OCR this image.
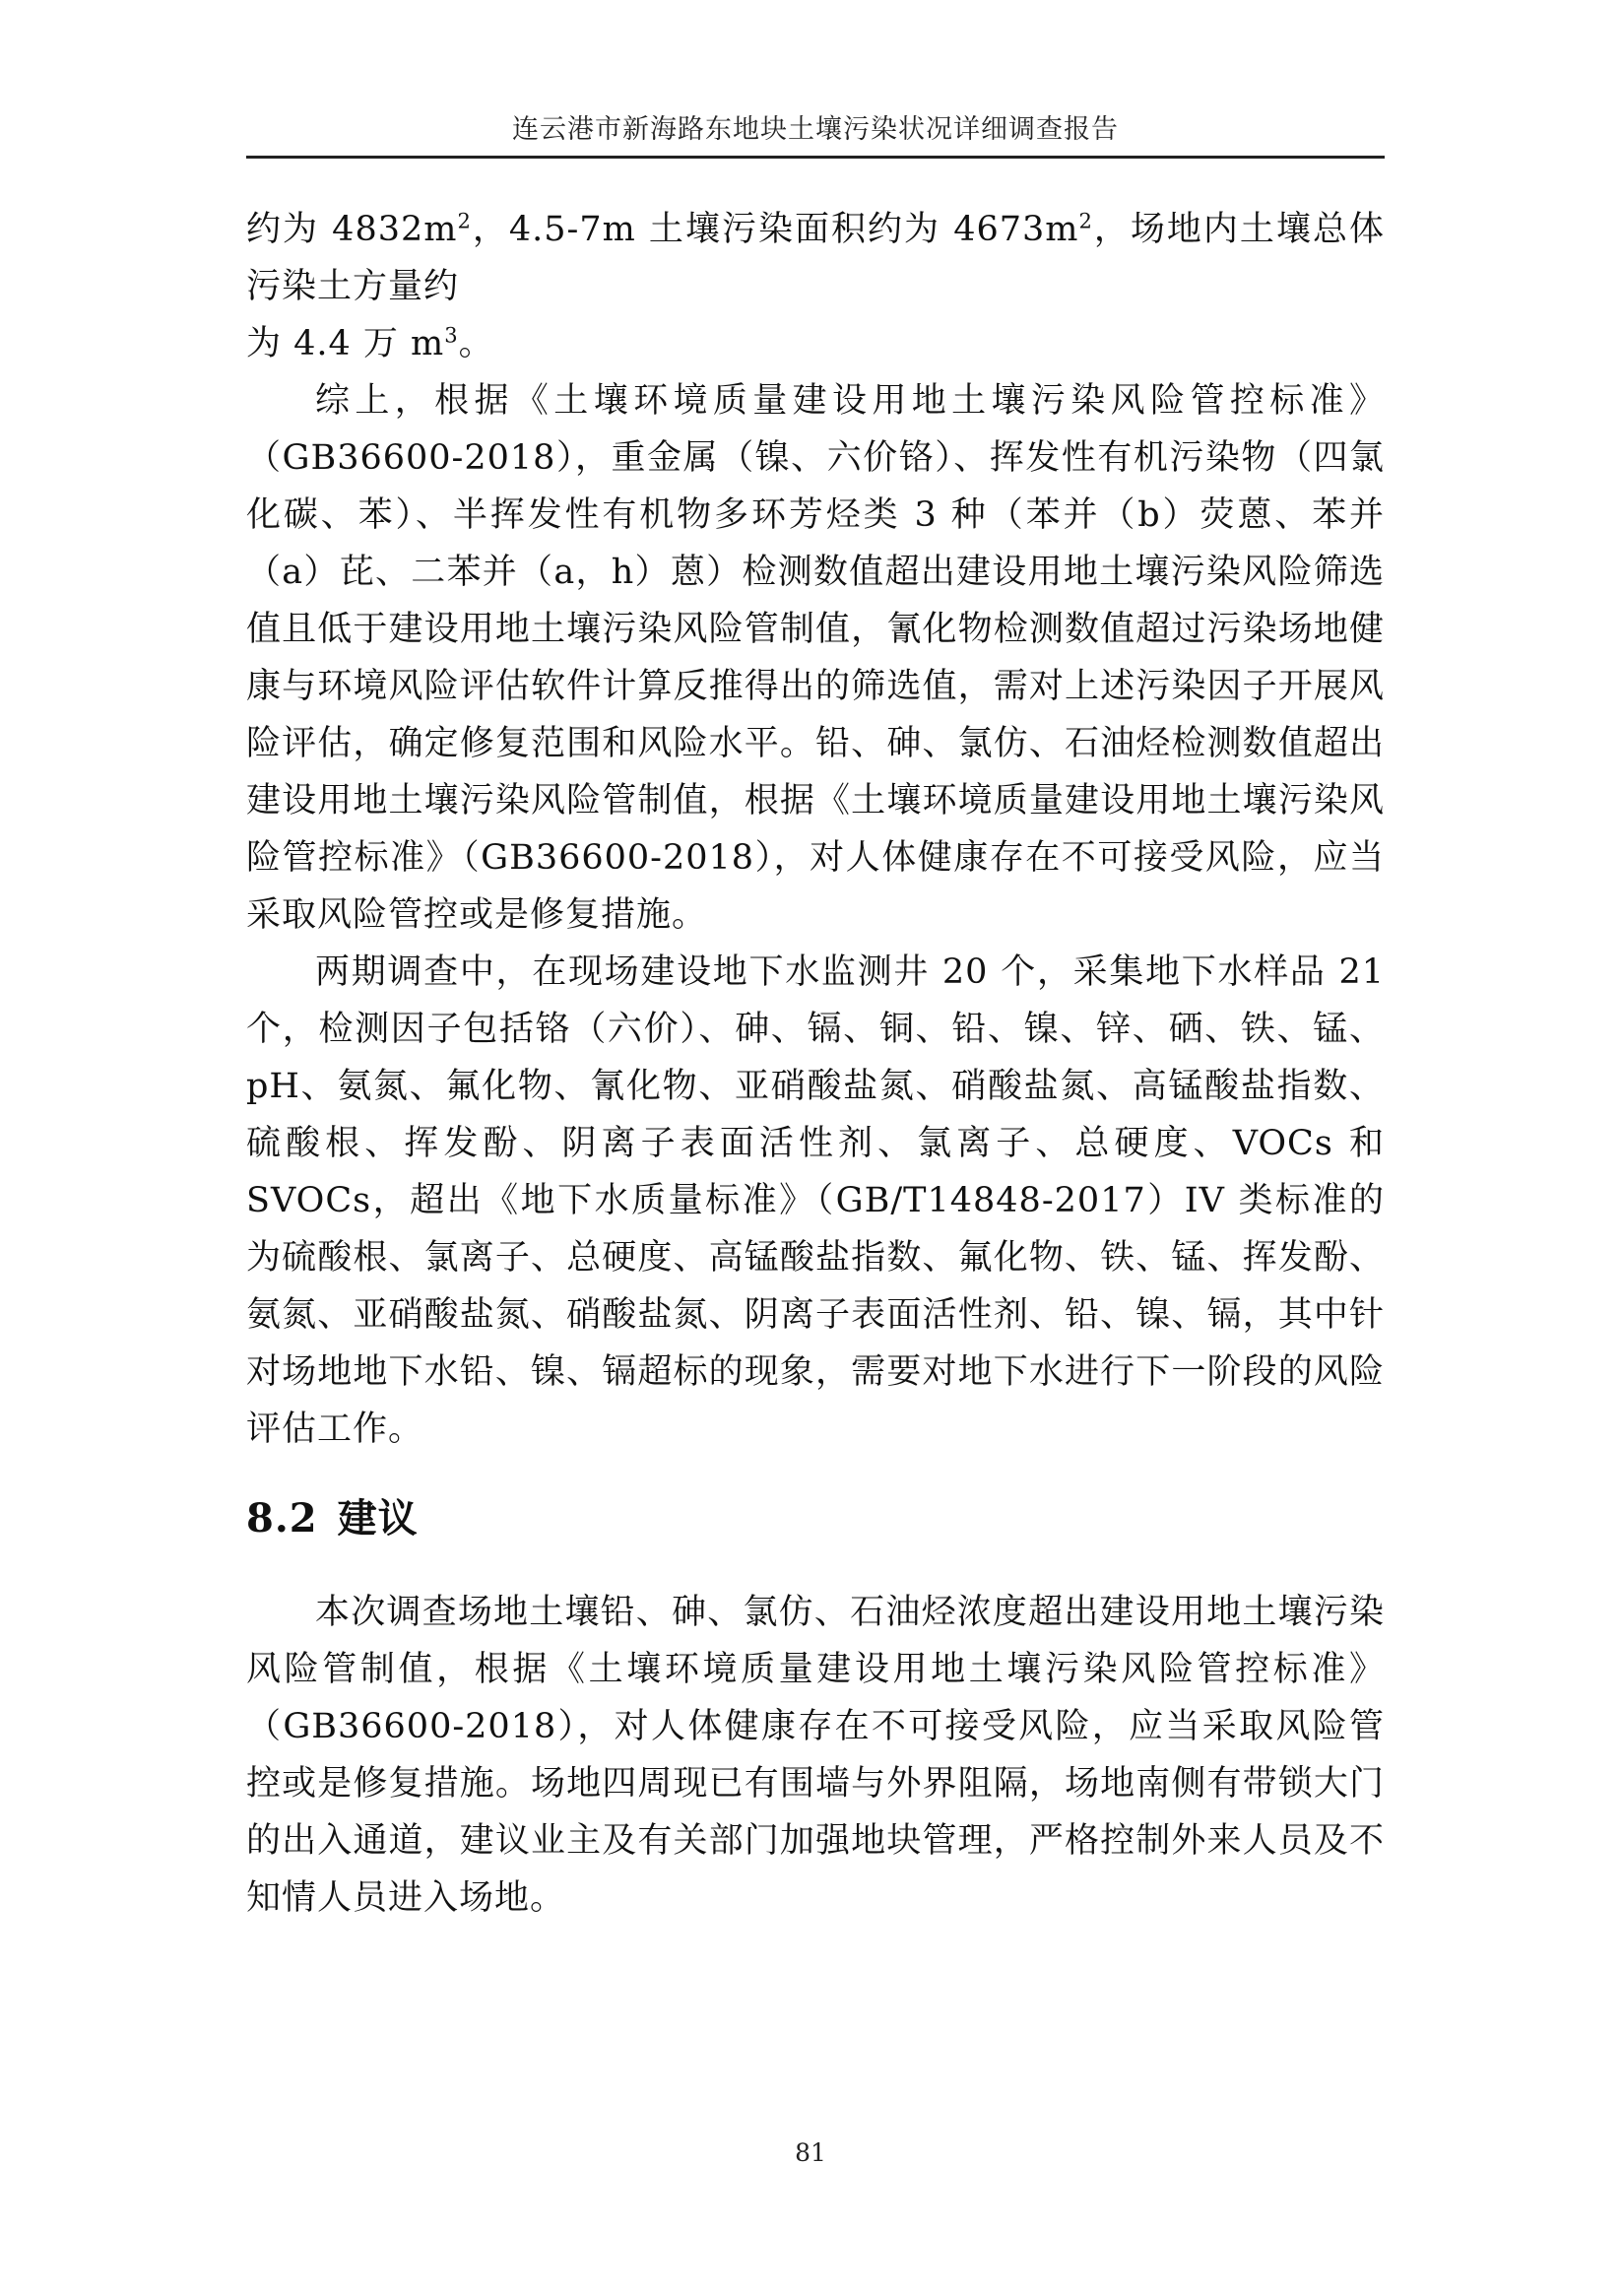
连云港市新海路东地块土壤污染状况详细调查报告

约为 $4832m^2$，4.5-7m 土壤污染面积约为 $4673m^2$，场地内土壤总体污染土方量约
为 4.4 万 $m^3$。

综上，根据《土壤环境质量建设用地土壤污染风险管控标准》（GB36600-2018），重金属（镍、六价铬）、挥发性有机污染物（四氯化碳、苯）、半挥发性有机物多环芳烃类 3 种（苯并（b）荧蒽、苯并（a）芘、二苯并（a，h）蒽）检测数值超出建设用地土壤污染风险筛选值且低于建设用地土壤污染风险管制值，氰化物检测数值超过污染场地健康与环境风险评估软件计算反推得出的筛选值，需对上述污染因子开展风险评估，确定修复范围和风险水平。铅、砷、氯仿、石油烃检测数值超出建设用地土壤污染风险管制值，根据《土壤环境质量建设用地土壤污染风险管控标准》（GB36600-2018），对人体健康存在不可接受风险，应当采取风险管控或是修复措施。

两期调查中，在现场建设地下水监测井 20 个，采集地下水样品 21 个，检测因子包括铬（六价）、砷、镉、铜、铅、镍、锌、硒、铁、锰、pH、氨氮、氟化物、氰化物、亚硝酸盐氮、硝酸盐氮、高锰酸盐指数、硫酸根、挥发酚、阴离子表面活性剂、氯离子、总硬度、VOCs 和 SVOCs，超出《地下水质量标准》（GB/T14848-2017）IV 类标准的为硫酸根、氯离子、总硬度、高锰酸盐指数、氟化物、铁、锰、挥发酚、氨氮、亚硝酸盐氮、硝酸盐氮、阴离子表面活性剂、铅、镍、镉，其中针对场地地下水铅、镍、镉超标的现象，需要对地下水进行下一阶段的风险评估工作。

8.2 建议

本次调查场地土壤铅、砷、氯仿、石油烃浓度超出建设用地土壤污染风险管制值，根据《土壤环境质量建设用地土壤污染风险管控标准》（GB36600-2018），对人体健康存在不可接受风险，应当采取风险管控或是修复措施。场地四周现已有围墙与外界阻隔，场地南侧有带锁大门的出入通道，建议业主及有关部门加强地块管理，严格控制外来人员及不知情人员进入场地。

81
